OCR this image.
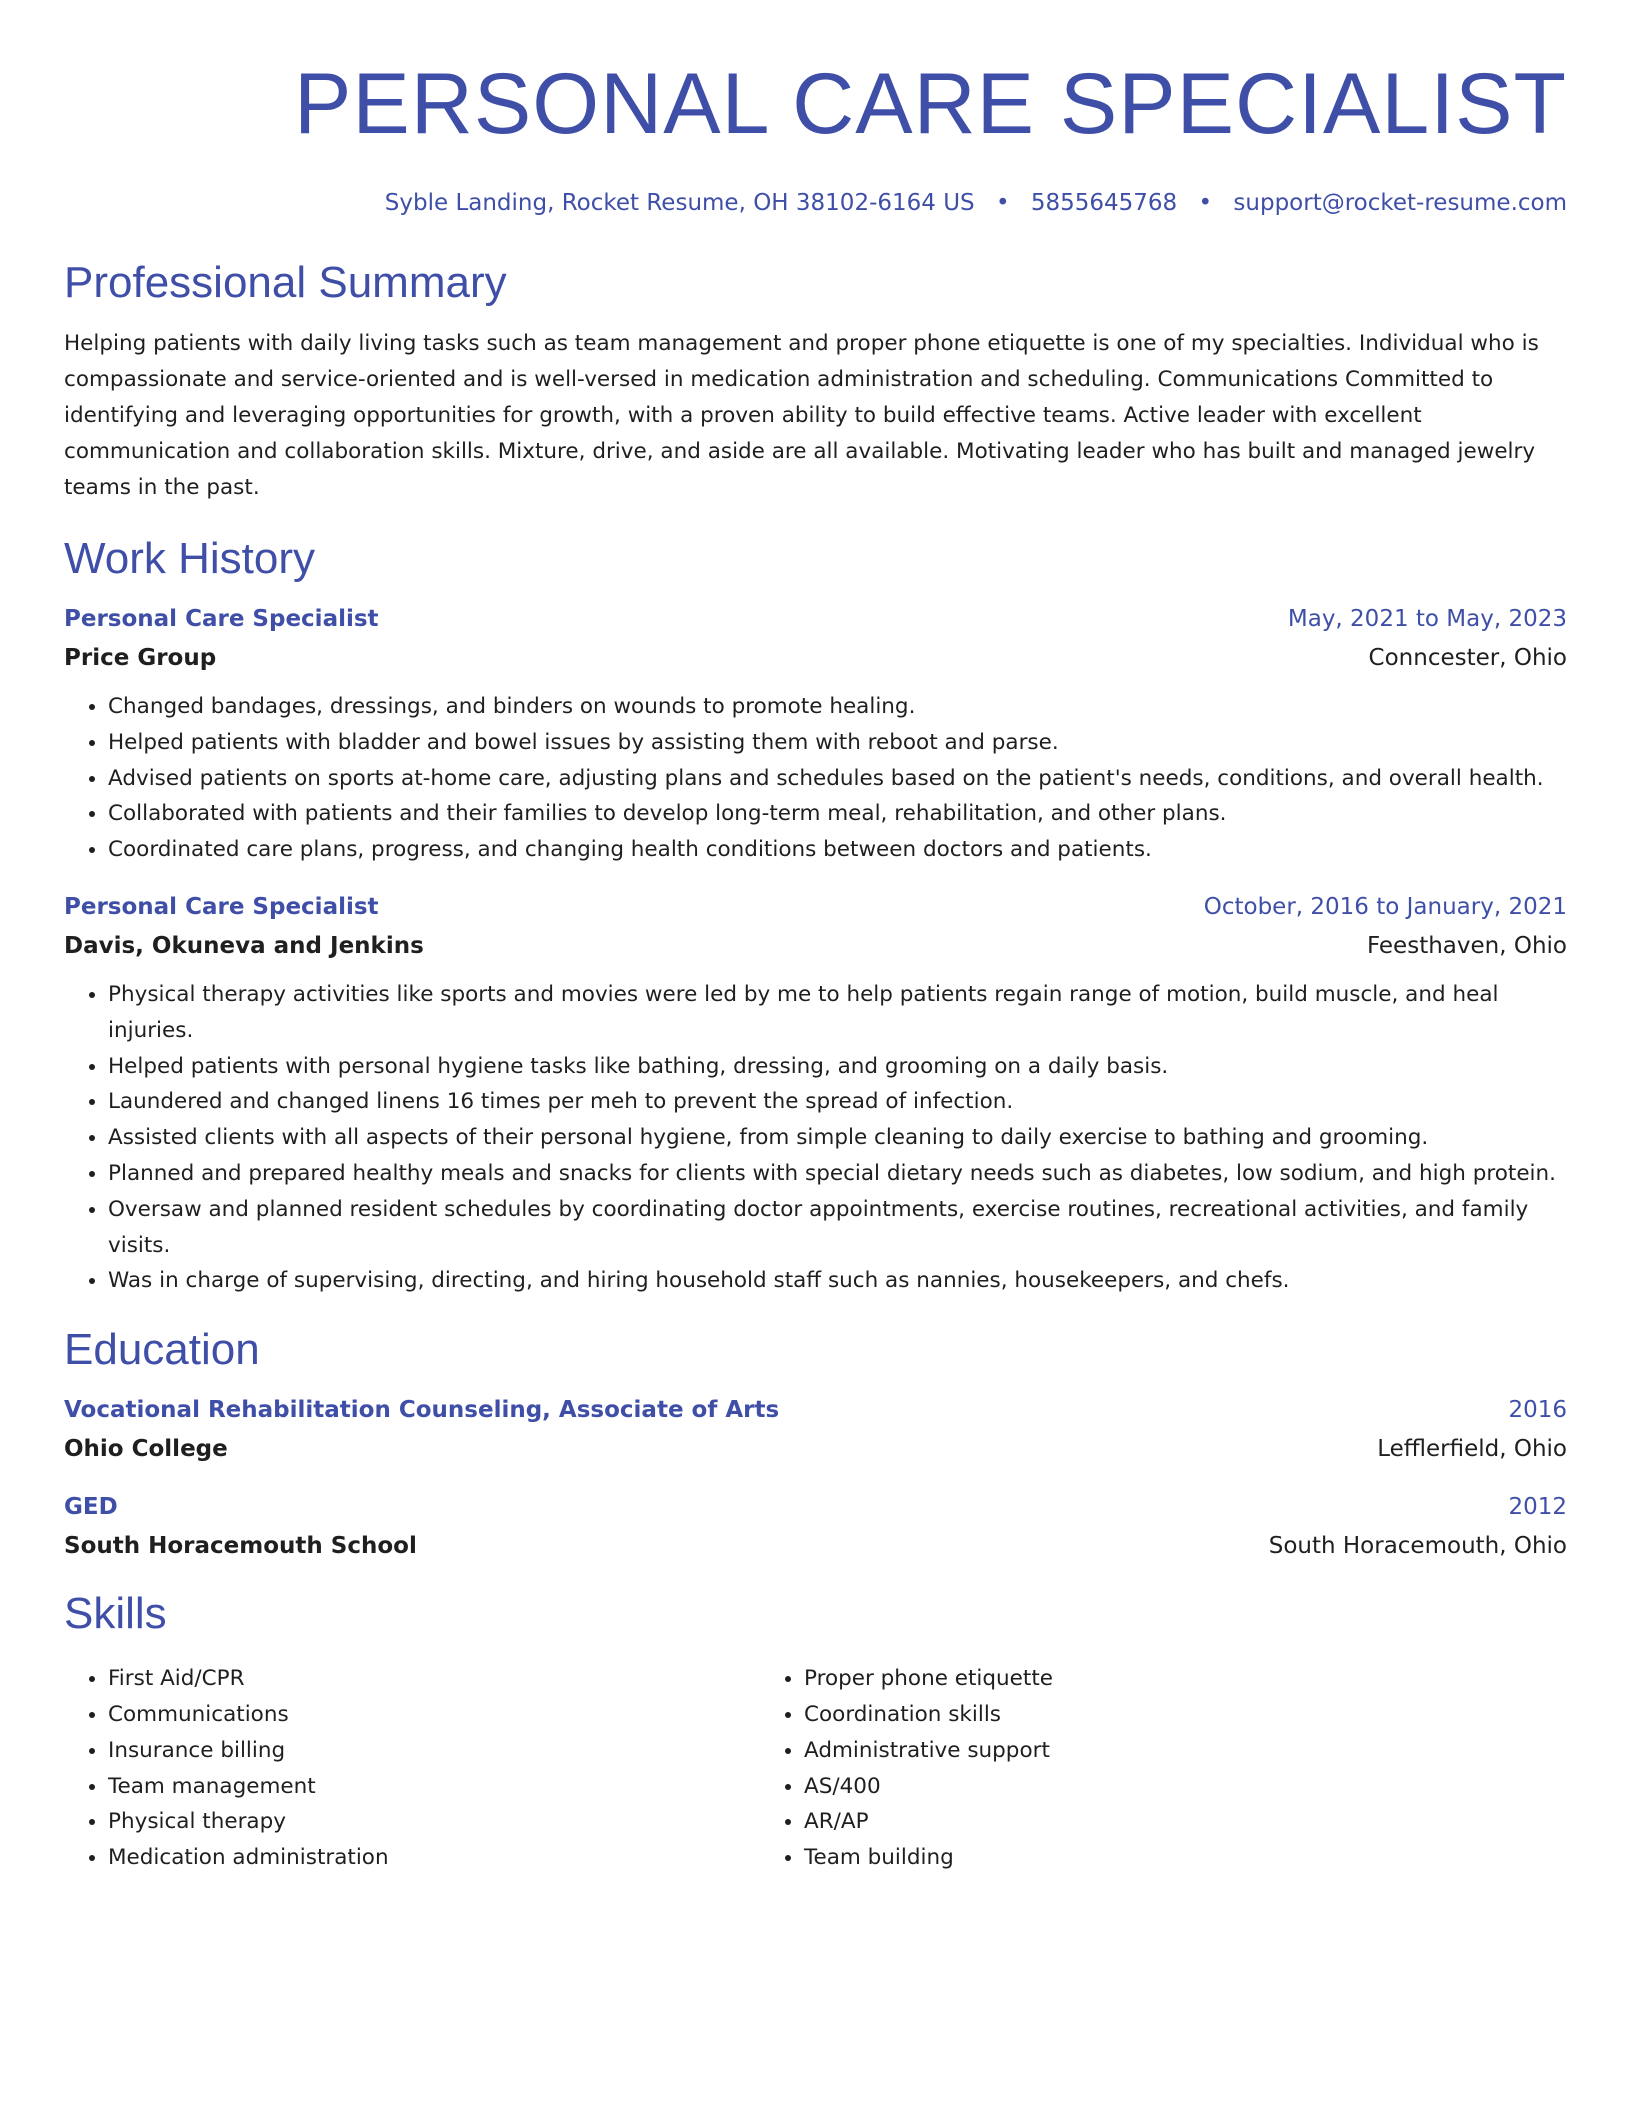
PERSONAL CARE SPECIALIST
Syble Landing, Rocket Resume, OH 38102-6164 US • 5855645768 • support@rocket-resume.com
Professional Summary
Helping patients with daily living tasks such as team management and proper phone etiquette is one of my specialties. Individual who is compassionate and service-oriented and is well-versed in medication administration and scheduling. Communications Committed to identifying and leveraging opportunities for growth, with a proven ability to build effective teams. Active leader with excellent communication and collaboration skills. Mixture, drive, and aside are all available. Motivating leader who has built and managed jewelry teams in the past.
Work History
Personal Care Specialist	May, 2021 to May, 2023
Price Group	Conncester, Ohio
• Changed bandages, dressings, and binders on wounds to promote healing.
• Helped patients with bladder and bowel issues by assisting them with reboot and parse.
• Advised patients on sports at-home care, adjusting plans and schedules based on the patient's needs, conditions, and overall health.
• Collaborated with patients and their families to develop long-term meal, rehabilitation, and other plans.
• Coordinated care plans, progress, and changing health conditions between doctors and patients.
Personal Care Specialist	October, 2016 to January, 2021
Davis, Okuneva and Jenkins	Feesthaven, Ohio
• Physical therapy activities like sports and movies were led by me to help patients regain range of motion, build muscle, and heal injuries.
• Helped patients with personal hygiene tasks like bathing, dressing, and grooming on a daily basis.
• Laundered and changed linens 16 times per meh to prevent the spread of infection.
• Assisted clients with all aspects of their personal hygiene, from simple cleaning to daily exercise to bathing and grooming.
• Planned and prepared healthy meals and snacks for clients with special dietary needs such as diabetes, low sodium, and high protein.
• Oversaw and planned resident schedules by coordinating doctor appointments, exercise routines, recreational activities, and family visits.
• Was in charge of supervising, directing, and hiring household staff such as nannies, housekeepers, and chefs.
Education
Vocational Rehabilitation Counseling, Associate of Arts	2016
Ohio College	Lefflerfield, Ohio
GED	2012
South Horacemouth School	South Horacemouth, Ohio
Skills
• First Aid/CPR
• Communications
• Insurance billing
• Team management
• Physical therapy
• Medication administration
• Proper phone etiquette
• Coordination skills
• Administrative support
• AS/400
• AR/AP
• Team building
